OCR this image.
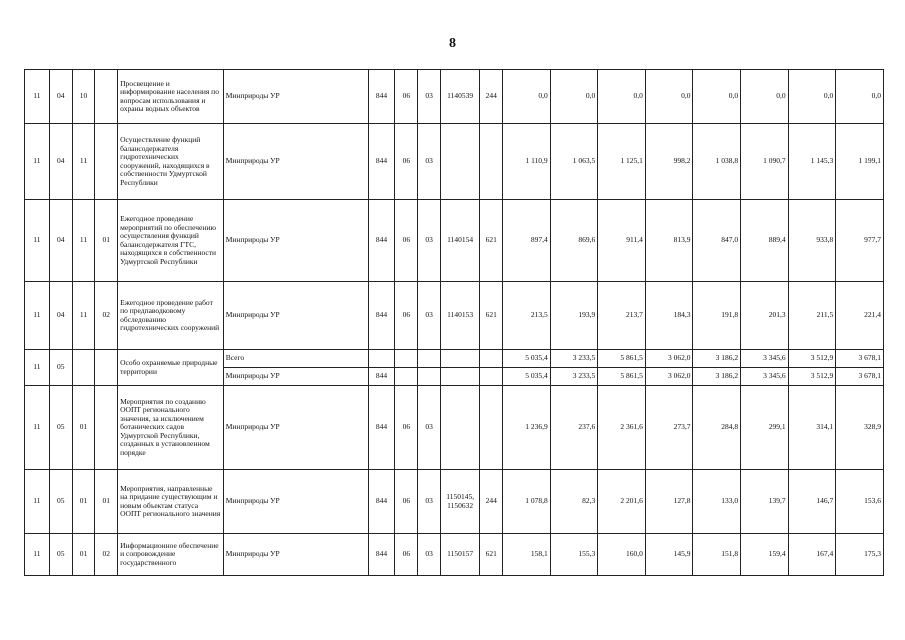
8
11	04	10		Просвещение и информирование населения по вопросам использования и охраны водных объектов	Минприроды УР	844	06	03	1140539	244	0,0	0,0	0,0	0,0	0,0	0,0	0,0	0,0
11	04	11		Осуществление функций балансодержателя гидротехнических сооружений, находящихся в собственности Удмуртской Республики	Минприроды УР	844	06	03			1 110,9	1 063,5	1 125,1	998,2	1 038,8	1 090,7	1 145,3	1 199,1
11	04	11	01	Ежегодное проведение мероприятий по обеспечению осуществления функций балансодержателя ГТС, находящихся в собственности Удмуртской Республики	Минприроды УР	844	06	03	1140154	621	897,4	869,6	911,4	813,9	847,0	889,4	933,8	977,7
11	04	11	02	Ежегодное проведение работ по предпаводковому обследованию гидротехнических сооружений	Минприроды УР	844	06	03	1140153	621	213,5	193,9	213,7	184,3	191,8	201,3	211,5	221,4
11	05			Особо охраняемые природные территории	Всего						5 035,4	3 233,5	5 861,5	3 062,0	3 186,2	3 345,6	3 512,9	3 678,1
					Минприроды УР	844					5 035,4	3 233,5	5 861,5	3 062,0	3 186,2	3 345,6	3 512,9	3 678,1
11	05	01		Мероприятия по созданию ООПТ регионального значения, за исключением ботанических садов Удмуртской Республики, созданных в установленном порядке	Минприроды УР	844	06	03			1 236,9	237,6	2 361,6	273,7	284,8	299,1	314,1	328,9
11	05	01	01	Мероприятия, направленные на придание существующим и новым объектам статуса ООПТ регионального значения	Минприроды УР	844	06	03	1150145, 1150632	244	1 078,8	82,3	2 201,6	127,8	133,0	139,7	146,7	153,6
11	05	01	02	Информационное обеспечение и сопровождение государственного	Минприроды УР	844	06	03	1150157	621	158,1	155,3	160,0	145,9	151,8	159,4	167,4	175,3
